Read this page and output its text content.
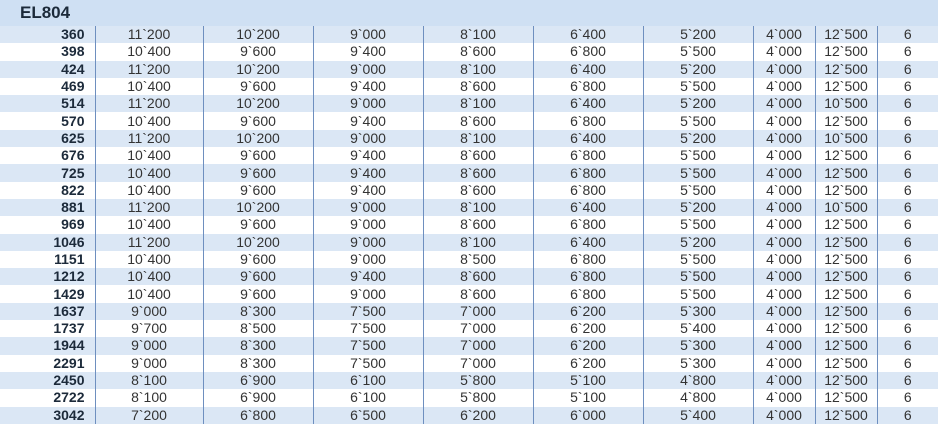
EL804
360	11`200	10`200	9`000	8`100	6`400	5`200	4`000	12`500	6
398	10`400	9`600	9`400	8`600	6`800	5`500	4`000	12`500	6
424	11`200	10`200	9`000	8`100	6`400	5`200	4`000	12`500	6
469	10`400	9`600	9`400	8`600	6`800	5`500	4`000	12`500	6
514	11`200	10`200	9`000	8`100	6`400	5`200	4`000	10`500	6
570	10`400	9`600	9`400	8`600	6`800	5`500	4`000	12`500	6
625	11`200	10`200	9`000	8`100	6`400	5`200	4`000	10`500	6
676	10`400	9`600	9`400	8`600	6`800	5`500	4`000	12`500	6
725	10`400	9`600	9`400	8`600	6`800	5`500	4`000	12`500	6
822	10`400	9`600	9`400	8`600	6`800	5`500	4`000	12`500	6
881	11`200	10`200	9`000	8`100	6`400	5`200	4`000	10`500	6
969	10`400	9`600	9`000	8`600	6`800	5`500	4`000	12`500	6
1046	11`200	10`200	9`000	8`100	6`400	5`200	4`000	12`500	6
1151	10`400	9`600	9`000	8`500	6`800	5`500	4`000	12`500	6
1212	10`400	9`600	9`400	8`600	6`800	5`500	4`000	12`500	6
1429	10`400	9`600	9`000	8`600	6`800	5`500	4`000	12`500	6
1637	9`000	8`300	7`500	7`000	6`200	5`300	4`000	12`500	6
1737	9`700	8`500	7`500	7`000	6`200	5`400	4`000	12`500	6
1944	9`000	8`300	7`500	7`000	6`200	5`300	4`000	12`500	6
2291	9`000	8`300	7`500	7`000	6`200	5`300	4`000	12`500	6
2450	8`100	6`900	6`100	5`800	5`100	4`800	4`000	12`500	6
2722	8`100	6`900	6`100	5`800	5`100	4`800	4`000	12`500	6
3042	7`200	6`800	6`500	6`200	6`000	5`400	4`000	12`500	6
